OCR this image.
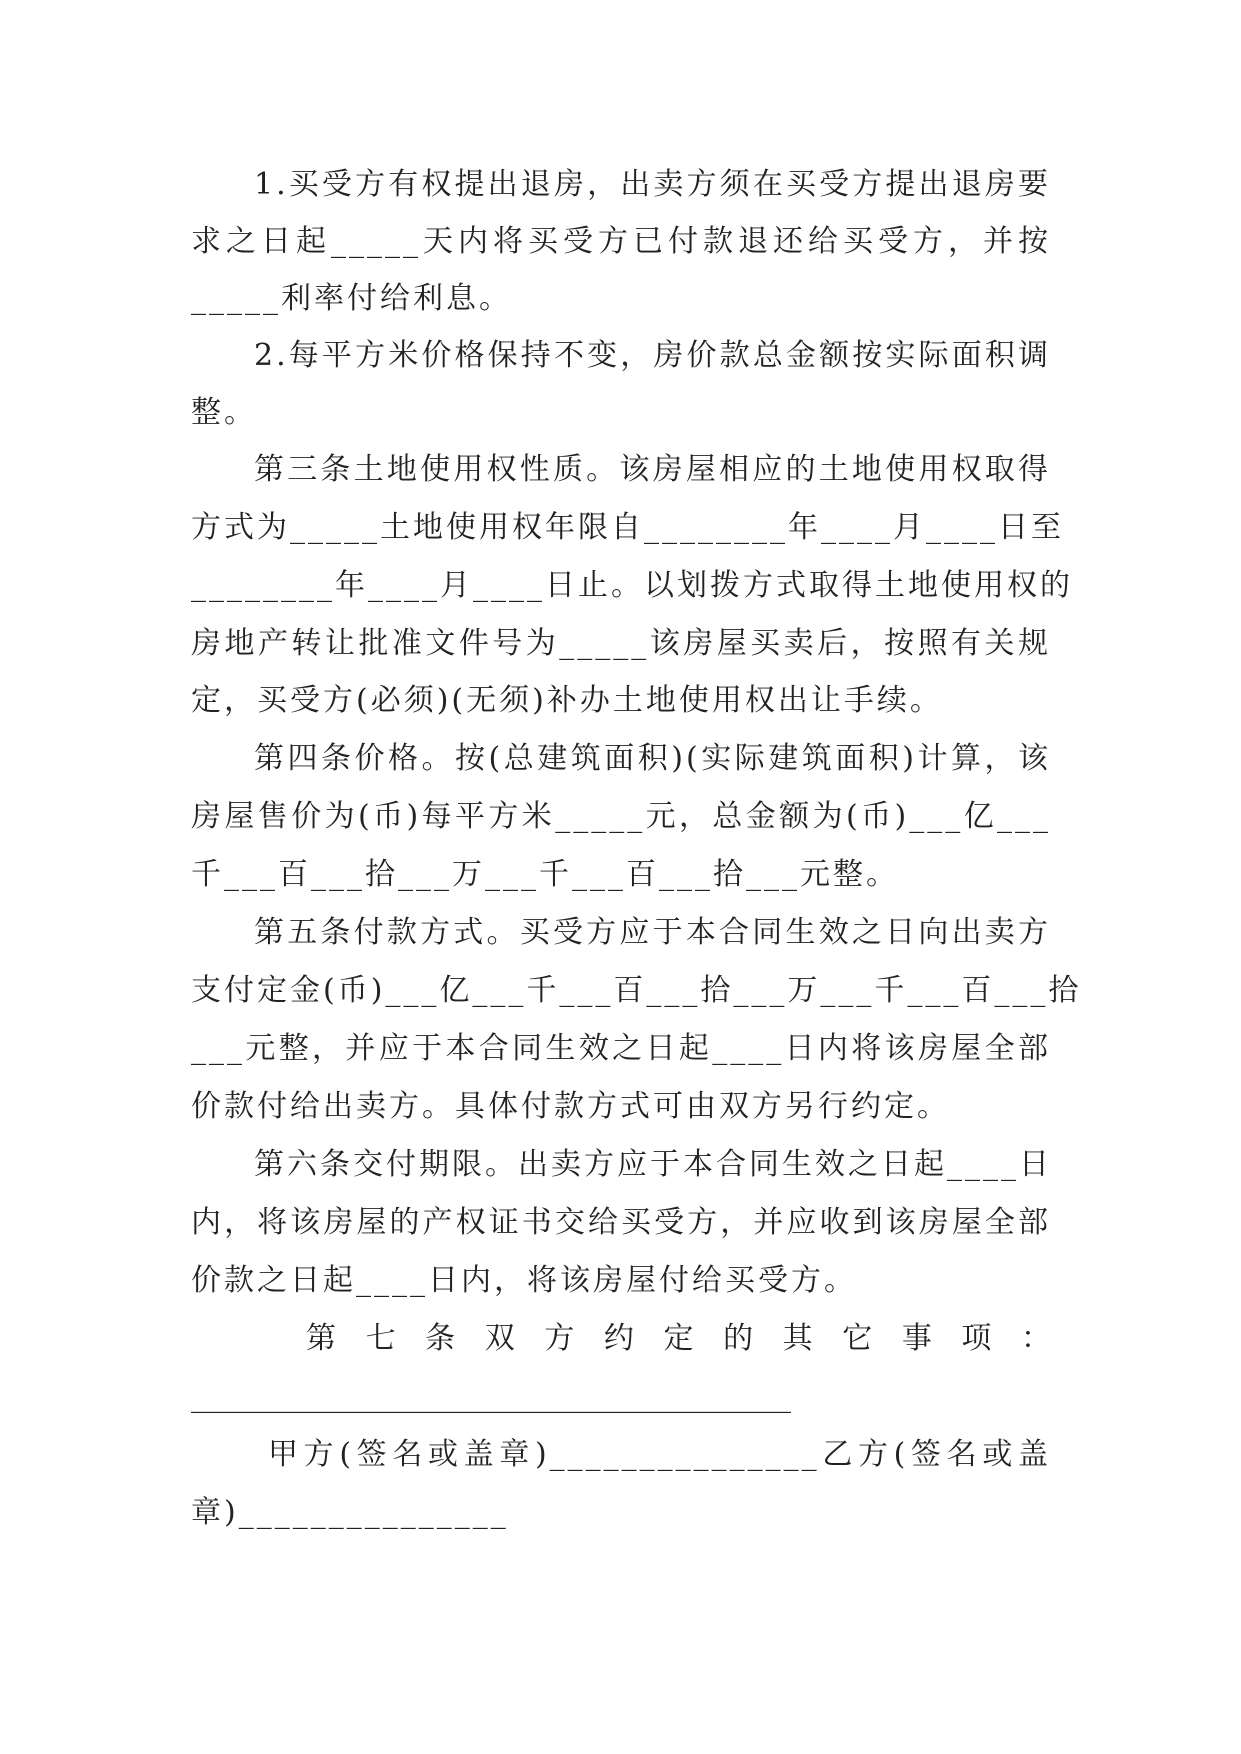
1.买受方有权提出退房，出卖方须在买受方提出退房要
求之日起_____天内将买受方已付款退还给买受方，并按
_____利率付给利息。
2.每平方米价格保持不变，房价款总金额按实际面积调
整。
第三条土地使用权性质。该房屋相应的土地使用权取得
方式为_____土地使用权年限自________年____月____日至
________年____月____日止。以划拨方式取得土地使用权的
房地产转让批准文件号为_____该房屋买卖后，按照有关规
定，买受方(必须)(无须)补办土地使用权出让手续。
第四条价格。按(总建筑面积)(实际建筑面积)计算，该
房屋售价为(币)每平方米_____元，总金额为(币)___亿___
千___百___拾___万___千___百___拾___元整。
第五条付款方式。买受方应于本合同生效之日向出卖方
支付定金(币)___亿___千___百___拾___万___千___百___拾
___元整，并应于本合同生效之日起____日内将该房屋全部
价款付给出卖方。具体付款方式可由双方另行约定。
第六条交付期限。出卖方应于本合同生效之日起____日
内，将该房屋的产权证书交给买受方，并应收到该房屋全部
价款之日起____日内，将该房屋付给买受方。
第七条双方约定的其它事项：
________________________________________
甲方(签名或盖章)_______________乙方(签名或盖
章)_______________
